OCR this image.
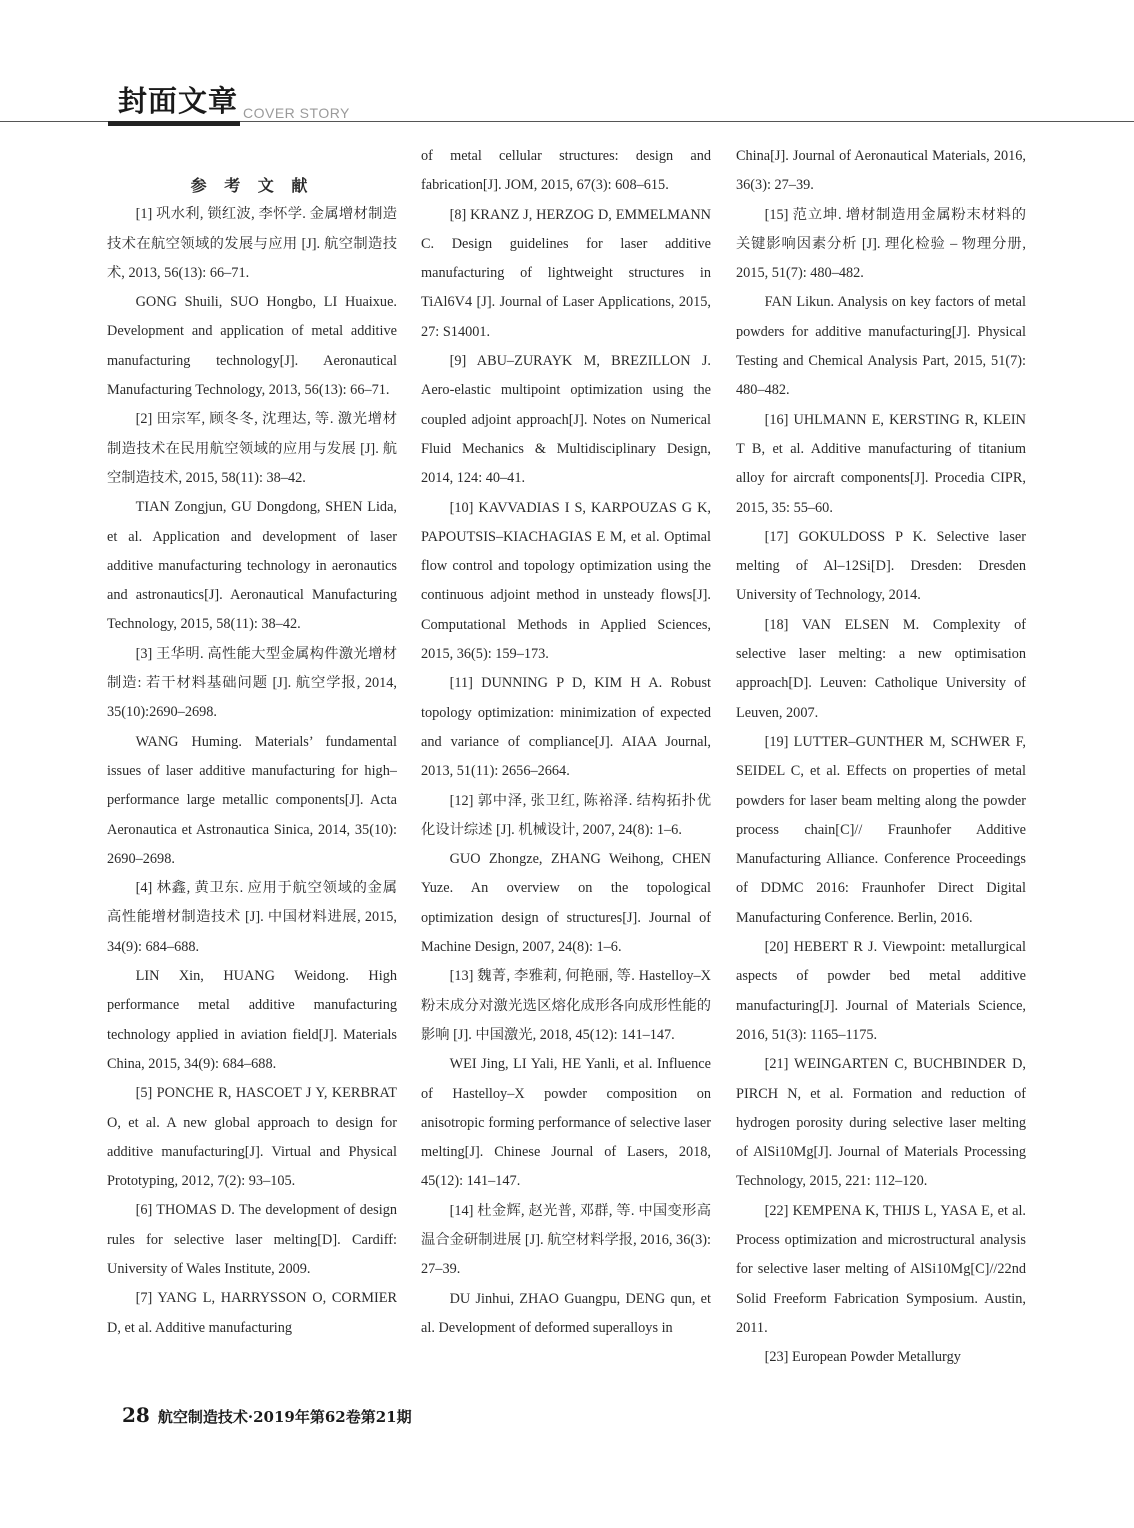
封面文章 COVER STORY
参 考 文 献

[1] 巩水利, 锁红波, 李怀学. 金属增材制造技术在航空领域的发展与应用 [J]. 航空制造技术, 2013, 56(13): 66–71.

GONG Shuili, SUO Hongbo, LI Huaixue. Development and application of metal additive manufacturing technology[J]. Aeronautical Manufacturing Technology, 2013, 56(13): 66–71.

[2] 田宗军, 顾冬冬, 沈理达, 等. 激光增材制造技术在民用航空领域的应用与发展 [J]. 航空制造技术, 2015, 58(11): 38–42.

TIAN Zongjun, GU Dongdong, SHEN Lida, et al. Application and development of laser additive manufacturing technology in aeronautics and astronautics[J]. Aeronautical Manufacturing Technology, 2015, 58(11): 38–42.

[3] 王华明. 高性能大型金属构件激光增材制造: 若干材料基础问题 [J]. 航空学报, 2014, 35(10):2690–2698.

WANG Huming. Materials’ fundamental issues of laser additive manufacturing for high–performance large metallic components[J]. Acta Aeronautica et Astronautica Sinica, 2014, 35(10): 2690–2698.

[4] 林鑫, 黄卫东. 应用于航空领域的金属高性能增材制造技术 [J]. 中国材料进展, 2015, 34(9): 684–688.

LIN Xin, HUANG Weidong. High performance metal additive manufacturing technology applied in aviation field[J]. Materials China, 2015, 34(9): 684–688.

[5] PONCHE R, HASCOET J Y, KERBRAT O, et al. A new global approach to design for additive manufacturing[J]. Virtual and Physical Prototyping, 2012, 7(2): 93–105.

[6] THOMAS D. The development of design rules for selective laser melting[D]. Cardiff: University of Wales Institute, 2009.

[7] YANG L, HARRYSSON O, CORMIER D, et al. Additive manufacturing

of metal cellular structures: design and fabrication[J]. JOM, 2015, 67(3): 608–615.

[8] KRANZ J, HERZOG D, EMMELMANN C. Design guidelines for laser additive manufacturing of lightweight structures in TiAl6V4 [J]. Journal of Laser Applications, 2015, 27: S14001.

[9] ABU–ZURAYK M, BREZILLON J. Aero-elastic multipoint optimization using the coupled adjoint approach[J]. Notes on Numerical Fluid Mechanics & Multidisciplinary Design, 2014, 124: 40–41.

[10] KAVVADIAS I S, KARPOUZAS G K, PAPOUTSIS–KIACHAGIAS E M, et al. Optimal flow control and topology optimization using the continuous adjoint method in unsteady flows[J]. Computational Methods in Applied Sciences, 2015, 36(5): 159–173.

[11] DUNNING P D, KIM H A. Robust topology optimization: minimization of expected and variance of compliance[J]. AIAA Journal, 2013, 51(11): 2656–2664.

[12] 郭中泽, 张卫红, 陈裕泽. 结构拓扑优化设计综述 [J]. 机械设计, 2007, 24(8): 1–6.

GUO Zhongze, ZHANG Weihong, CHEN Yuze. An overview on the topological optimization design of structures[J]. Journal of Machine Design, 2007, 24(8): 1–6.

[13] 魏菁, 李雅莉, 何艳丽, 等. Hastelloy–X 粉末成分对激光选区熔化成形各向成形性能的影响 [J]. 中国激光, 2018, 45(12): 141–147.

WEI Jing, LI Yali, HE Yanli, et al. Influence of Hastelloy–X powder composition on anisotropic forming performance of selective laser melting[J]. Chinese Journal of Lasers, 2018, 45(12): 141–147.

[14] 杜金辉, 赵光普, 邓群, 等. 中国变形高温合金研制进展 [J]. 航空材料学报, 2016, 36(3): 27–39.

DU Jinhui, ZHAO Guangpu, DENG qun, et al. Development of deformed superalloys in

China[J]. Journal of Aeronautical Materials, 2016, 36(3): 27–39.

[15] 范立坤. 增材制造用金属粉末材料的关键影响因素分析 [J]. 理化检验 – 物理分册, 2015, 51(7): 480–482.

FAN Likun. Analysis on key factors of metal powders for additive manufacturing[J]. Physical Testing and Chemical Analysis Part, 2015, 51(7): 480–482.

[16] UHLMANN E, KERSTING R, KLEIN T B, et al. Additive manufacturing of titanium alloy for aircraft components[J]. Procedia CIPR, 2015, 35: 55–60.

[17] GOKULDOSS P K. Selective laser melting of Al–12Si[D]. Dresden: Dresden University of Technology, 2014.

[18] VAN ELSEN M. Complexity of selective laser melting: a new optimisation approach[D]. Leuven: Catholique University of Leuven, 2007.

[19] LUTTER–GUNTHER M, SCHWER F, SEIDEL C, et al. Effects on properties of metal powders for laser beam melting along the powder process chain[C]// Fraunhofer Additive Manufacturing Alliance. Conference Proceedings of DDMC 2016: Fraunhofer Direct Digital Manufacturing Conference. Berlin, 2016.

[20] HEBERT R J. Viewpoint: metallurgical aspects of powder bed metal additive manufacturing[J]. Journal of Materials Science, 2016, 51(3): 1165–1175.

[21] WEINGARTEN C, BUCHBINDER D, PIRCH N, et al. Formation and reduction of hydrogen porosity during selective laser melting of AlSi10Mg[J]. Journal of Materials Processing Technology, 2015, 221: 112–120.

[22] KEMPENA K, THIJS L, YASA E, et al. Process optimization and microstructural analysis for selective laser melting of AlSi10Mg[C]//22nd Solid Freeform Fabrication Symposium. Austin, 2011.

[23] European Powder Metallurgy

28 航空制造技术·2019年第62卷第21期
